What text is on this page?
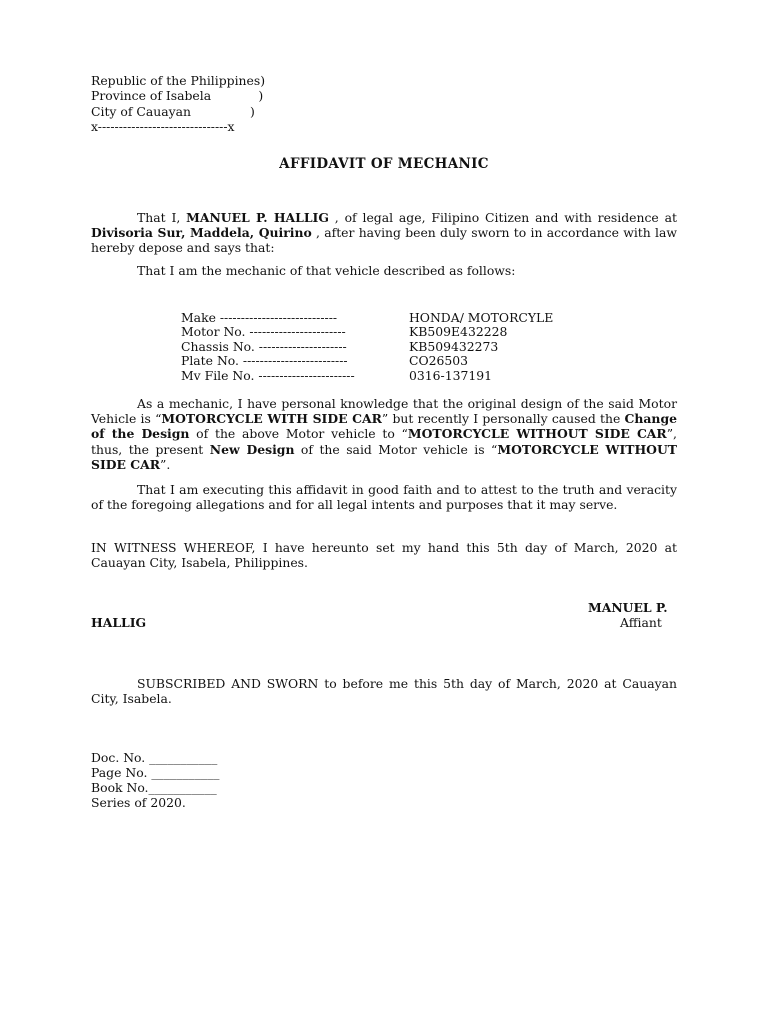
Republic of the Philippines)
Province of Isabela            )
City of Cauayan               )
x-------------------------------x
AFFIDAVIT OF MECHANIC

That I, MANUEL P. HALLIG , of legal age, Filipino Citizen and with residence at Divisoria Sur, Maddela, Quirino , after having been duly sworn to in accordance with law hereby depose and says that:

That I am the mechanic of that vehicle described as follows:
Make ----------------------------	HONDA/ MOTORCYLE
Motor No. -----------------------	KB509E432228
Chassis No. ---------------------	KB509432273
Plate No. -------------------------	CO26503
Mv File No. -----------------------	0316-137191

As a mechanic, I have personal knowledge that the original design of the said Motor Vehicle is “MOTORCYCLE WITH SIDE CAR” but recently I personally caused the Change of the Design of the above Motor vehicle to “MOTORCYCLE WITHOUT SIDE CAR”, thus, the present New Design of the said Motor vehicle is “MOTORCYCLE WITHOUT SIDE CAR”.

That I am executing this affidavit in good faith and to attest to the truth and veracity of the foregoing allegations and for all legal intents and purposes that it may serve.

IN WITNESS WHEREOF, I have hereunto set my hand this 5th day of March, 2020 at Cauayan City, Isabela, Philippines.

MANUEL P.
HALLIG	Affiant

SUBSCRIBED AND SWORN to before me this 5th day of March, 2020 at Cauayan City, Isabela.

Doc. No. ___________
Page No. ___________
Book No.___________
Series of 2020.
